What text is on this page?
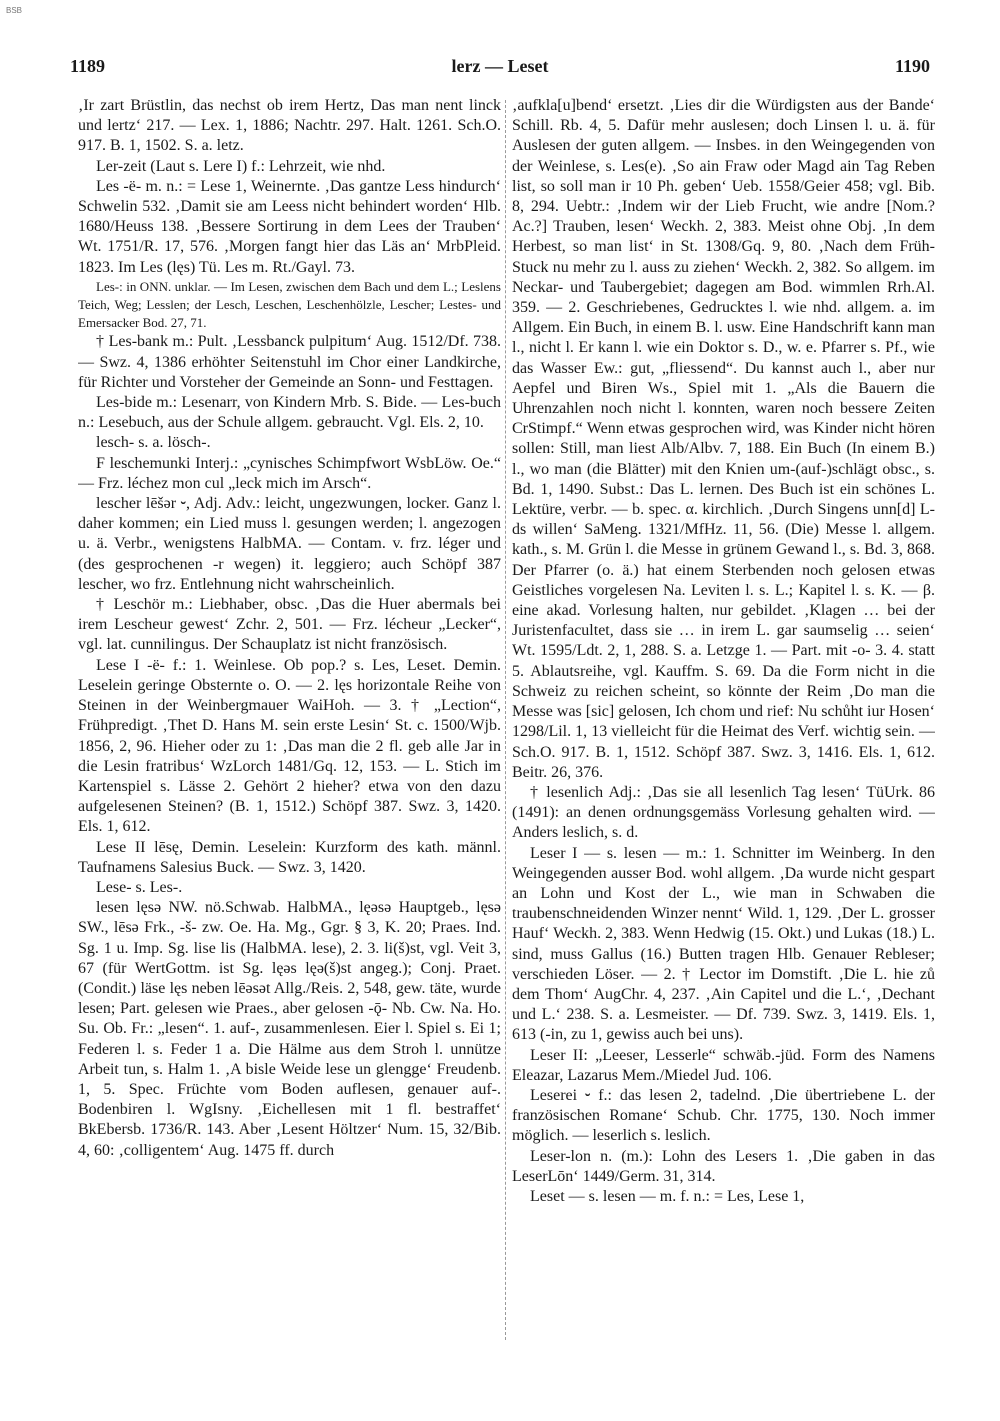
BSB
1189	lerz — Leset	1190

‚Ir zart Brüstlin, das nechst ob irem Hertz, Das man nent linck und lertz‘ 217. — Lex. 1, 1886; Nachtr. 297. Halt. 1261. Sch.O. 917. B. 1, 1502. S. a. letz.

Ler-zeit (Laut s. Lere I) f.: Lehrzeit, wie nhd.

Les -ë- m. n.: = Lese 1, Weinernte. ‚Das gantze Less hindurch‘ Schwelin 532. ‚Damit sie am Leess nicht behindert worden‘ Hlb. 1680/Heuss 138. ‚Bessere Sortirung in dem Lees der Trauben‘ Wt. 1751/R. 17, 576. ‚Morgen fangt hier das Läs an‘ MrbPleid. 1823. Im Les (lęs) Tü. Les m. Rt./Gayl. 73.

Les-: in ONN. unklar. — Im Lesen, zwischen dem Bach und dem L.; Leslens Teich, Weg; Lesslen; der Lesch, Leschen, Leschenhölzle, Lescher; Lestes- und Emersacker Bod. 27, 71.

† Les-bank m.: Pult. ‚Lessbanck pulpitum‘ Aug. 1512/Df. 738. — Swz. 4, 1386 erhöhter Seitenstuhl im Chor einer Landkirche, für Richter und Vorsteher der Gemeinde an Sonn- und Festtagen.

Les-bide m.: Lesenarr, von Kindern Mrb. S. Bide. — Les-buch n.: Lesebuch, aus der Schule allgem. gebraucht. Vgl. Els. 2, 10.

lesch- s. a. lösch-.

F leschemunki Interj.: „cynisches Schimpfwort WsbLöw. Oe.“ — Frz. léchez mon cul „leck mich im Arsch“.

lescher lēšər ⏑, Adj. Adv.: leicht, ungezwungen, locker. Ganz l. daher kommen; ein Lied muss l. gesungen werden; l. angezogen u. ä. Verbr., wenigstens HalbMA. — Contam. v. frz. léger und (des gesprochenen -r wegen) it. leggiero; auch Schöpf 387 lescher, wo frz. Entlehnung nicht wahrscheinlich.

† Leschör m.: Liebhaber, obsc. ‚Das die Huer abermals bei irem Lescheur gewest‘ Zchr. 2, 501. — Frz. lécheur „Lecker“, vgl. lat. cunnilingus. Der Schauplatz ist nicht französisch.

Lese I -ë- f.: 1. Weinlese. Ob pop.? s. Les, Leset. Demin. Leselein geringe Obsternte o. O. — 2. lęs horizontale Reihe von Steinen in der Weinbergmauer WaiHoh. — 3. † „Lection“, Frühpredigt. ‚Thet D. Hans M. sein erste Lesin‘ St. c. 1500/Wjb. 1856, 2, 96. Hieher oder zu 1: ‚Das man die 2 fl. geb alle Jar in die Lesin fratribus‘ WzLorch 1481/Gq. 12, 153. — L. Stich im Kartenspiel s. Lässe 2. Gehört 2 hieher? etwa von den dazu aufgelesenen Steinen? (B. 1, 1512.) Schöpf 387. Swz. 3, 1420. Els. 1, 612.

Lese II lēsę, Demin. Leselein: Kurzform des kath. männl. Taufnamens Salesius Buck. — Swz. 3, 1420.

Lese- s. Les-.

lesen lęsə NW. nö.Schwab. HalbMA., lęəsə Hauptgeb., lęsə SW., lēsə Frk., -š- zw. Oe. Ha. Mg., Ggr. § 3, K. 20; Praes. Ind. Sg. 1 u. Imp. Sg. lise lis (HalbMA. lese), 2. 3. li(š)st, vgl. Veit 3, 67 (für WertGottm. ist Sg. lęəs lęə(š)st angeg.); Conj. Praet. (Condit.) läse lęs neben lēəsət Allg./Reis. 2, 548, gew. täte, wurde lesen; Part. gelesen wie Praes., aber gelosen -ǭ- Nb. Cw. Na. Ho. Su. Ob. Fr.: „lesen“. 1. auf-, zusammenlesen. Eier l. Spiel s. Ei 1; Federen l. s. Feder 1 a. Die Hälme aus dem Stroh l. unnütze Arbeit tun, s. Halm 1. ‚A bisle Weide lese un glengge‘ Freudenb. 1, 5. Spec. Früchte vom Boden auflesen, genauer auf-. Bodenbiren l. WgIsny. ‚Eichellesen mit 1 fl. bestraffet‘ BkEbersb. 1736/R. 143. Aber ‚Lesent Höltzer‘ Num. 15, 32/Bib. 4, 60: ‚colligentem‘ Aug. 1475 ff. durch

‚aufkla[u]bend‘ ersetzt. ‚Lies dir die Würdigsten aus der Bande‘ Schill. Rb. 4, 5. Dafür mehr auslesen; doch Linsen l. u. ä. für Auslesen der guten allgem. — Insbes. in den Weingegenden von der Weinlese, s. Les(e). ‚So ain Fraw oder Magd ain Tag Reben list, so soll man ir 10 Ph. geben‘ Ueb. 1558/Geier 458; vgl. Bib. 8, 294. Uebtr.: ‚Indem wir der Lieb Frucht, wie andre [Nom.? Ac.?] Trauben, lesen‘ Weckh. 2, 383. Meist ohne Obj. ‚In dem Herbest, so man list‘ in St. 1308/Gq. 9, 80. ‚Nach dem Früh-Stuck nu mehr zu l. auss zu ziehen‘ Weckh. 2, 382. So allgem. im Neckar- und Taubergebiet; dagegen am Bod. wimmlen Rrh.Al. 359. — 2. Geschriebenes, Gedrucktes l. wie nhd. allgem. a. im Allgem. Ein Buch, in einem B. l. usw. Eine Handschrift kann man l., nicht l. Er kann l. wie ein Doktor s. D., w. e. Pfarrer s. Pf., wie das Wasser Ew.: gut, „fliessend“. Du kannst auch l., aber nur Aepfel und Biren Ws., Spiel mit 1. „Als die Bauern die Uhrenzahlen noch nicht l. konnten, waren noch bessere Zeiten CrStimpf.“ Wenn etwas gesprochen wird, was Kinder nicht hören sollen: Still, man liest Alb/Albv. 7, 188. Ein Buch (In einem B.) l., wo man (die Blätter) mit den Knien um-(auf-)schlägt obsc., s. Bd. 1, 1490. Subst.: Das L. lernen. Des Buch ist ein schönes L. Lektüre, verbr. — b. spec. α. kirchlich. ‚Durch Singens unn[d] L-ds willen‘ SaMeng. 1321/MfHz. 11, 56. (Die) Messe l. allgem. kath., s. M. Grün l. die Messe in grünem Gewand l., s. Bd. 3, 868. Der Pfarrer (o. ä.) hat einem Sterbenden noch gelosen etwas Geistliches vorgelesen Na. Leviten l. s. L.; Kapitel l. s. K. — β. eine akad. Vorlesung halten, nur gebildet. ‚Klagen … bei der Juristenfacultet, dass sie … in irem L. gar saumselig … seien‘ Wt. 1595/Ldt. 2, 1, 288. S. a. Letzge 1. — Part. mit -o- 3. 4. statt 5. Ablautsreihe, vgl. Kauffm. S. 69. Da die Form nicht in die Schweiz zu reichen scheint, so könnte der Reim ‚Do man die Messe was [sic] gelosen, Ich chom und rief: Nu schůht iur Hosen‘ 1298/Lil. 1, 13 vielleicht für die Heimat des Verf. wichtig sein. — Sch.O. 917. B. 1, 1512. Schöpf 387. Swz. 3, 1416. Els. 1, 612. Beitr. 26, 376.

† lesenlich Adj.: ‚Das sie all lesenlich Tag lesen‘ TüUrk. 86 (1491): an denen ordnungsgemäss Vorlesung gehalten wird. — Anders leslich, s. d.

Leser I — s. lesen — m.: 1. Schnitter im Weinberg. In den Weingegenden ausser Bod. wohl allgem. ‚Da wurde nicht gespart an Lohn und Kost der L., wie man in Schwaben die traubenschneidenden Winzer nennt‘ Wild. 1, 129. ‚Der L. grosser Hauf‘ Weckh. 2, 383. Wenn Hedwig (15. Okt.) und Lukas (18.) L. sind, muss Gallus (16.) Butten tragen Hlb. Genauer Rebleser; verschieden Löser. — 2. † Lector im Domstift. ‚Die L. hie zů dem Thom‘ AugChr. 4, 237. ‚Ain Capitel und die L.‘, ‚Dechant und L.‘ 238. S. a. Lesmeister. — Df. 739. Swz. 3, 1419. Els. 1, 613 (-in, zu 1, gewiss auch bei uns).

Leser II: „Leeser, Lesserle“ schwäb.-jüd. Form des Namens Eleazar, Lazarus Mem./Miedel Jud. 106.

Leserei ⏑ f.: das lesen 2, tadelnd. ‚Die übertriebene L. der französischen Romane‘ Schub. Chr. 1775, 130. Noch immer möglich. — leserlich s. leslich.

Leser-lon n. (m.): Lohn des Lesers 1. ‚Die gaben in das LeserLōn‘ 1449/Germ. 31, 314.

Leset — s. lesen — m. f. n.: = Les, Lese 1,
